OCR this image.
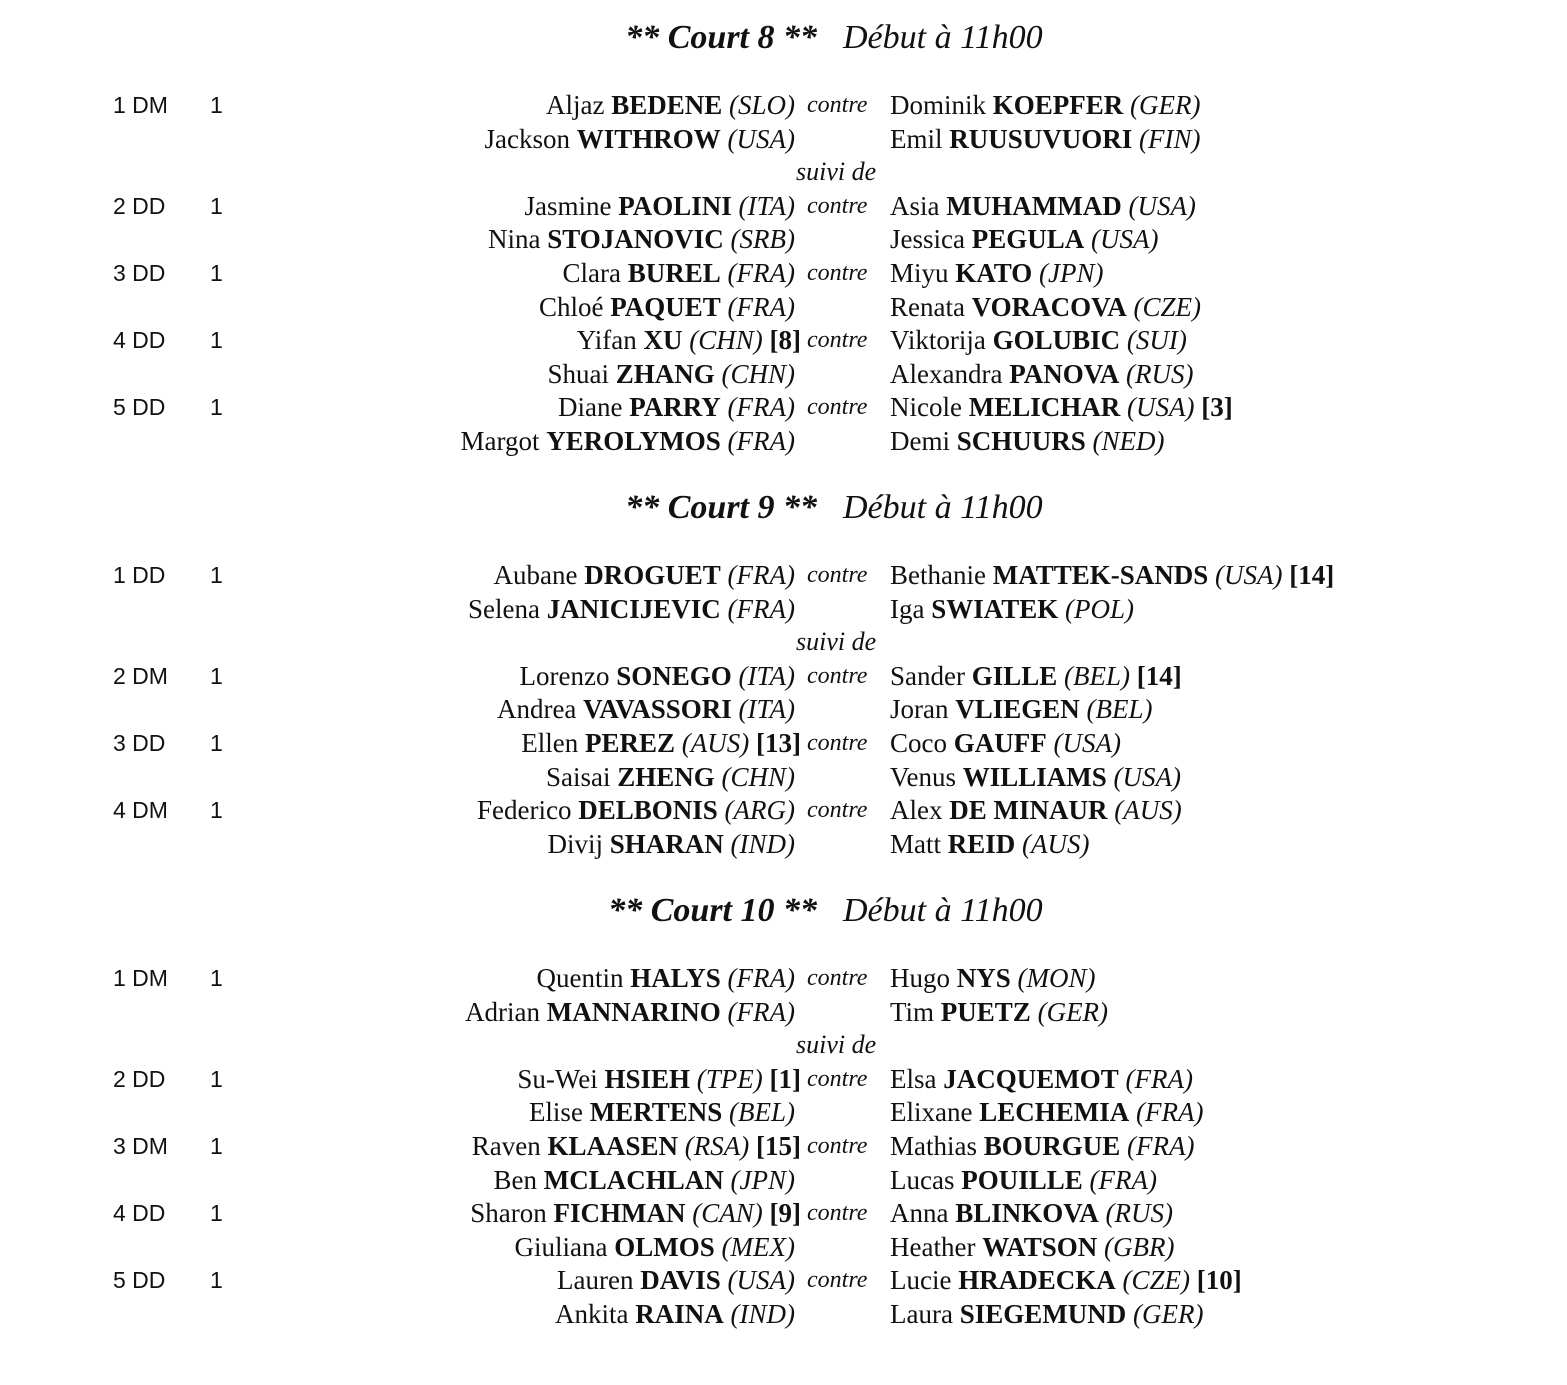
** Court 8 ** Début à 11h00
1 DM 1	Aljaz BEDENE (SLO) contre Dominik KOEPFER (GER)
Jackson WITHROW (USA)	Emil RUUSUVUORI (FIN)
suivi de
2 DD 1	Jasmine PAOLINI (ITA) contre Asia MUHAMMAD (USA)
Nina STOJANOVIC (SRB)	Jessica PEGULA (USA)
3 DD 1	Clara BUREL (FRA) contre Miyu KATO (JPN)
Chloé PAQUET (FRA)	Renata VORACOVA (CZE)
4 DD 1	Yifan XU (CHN) [8] contre Viktorija GOLUBIC (SUI)
Shuai ZHANG (CHN)	Alexandra PANOVA (RUS)
5 DD 1	Diane PARRY (FRA) contre Nicole MELICHAR (USA) [3]
Margot YEROLYMOS (FRA)	Demi SCHUURS (NED)
** Court 9 ** Début à 11h00
1 DD 1	Aubane DROGUET (FRA) contre Bethanie MATTEK-SANDS (USA) [14]
Selena JANICIJEVIC (FRA)	Iga SWIATEK (POL)
suivi de
2 DM 1	Lorenzo SONEGO (ITA) contre Sander GILLE (BEL) [14]
Andrea VAVASSORI (ITA)	Joran VLIEGEN (BEL)
3 DD 1	Ellen PEREZ (AUS) [13] contre Coco GAUFF (USA)
Saisai ZHENG (CHN)	Venus WILLIAMS (USA)
4 DM 1	Federico DELBONIS (ARG) contre Alex DE MINAUR (AUS)
Divij SHARAN (IND)	Matt REID (AUS)
** Court 10 ** Début à 11h00
1 DM 1	Quentin HALYS (FRA) contre Hugo NYS (MON)
Adrian MANNARINO (FRA)	Tim PUETZ (GER)
suivi de
2 DD 1	Su-Wei HSIEH (TPE) [1] contre Elsa JACQUEMOT (FRA)
Elise MERTENS (BEL)	Elixane LECHEMIA (FRA)
3 DM 1	Raven KLAASEN (RSA) [15] contre Mathias BOURGUE (FRA)
Ben MCLACHLAN (JPN)	Lucas POUILLE (FRA)
4 DD 1	Sharon FICHMAN (CAN) [9] contre Anna BLINKOVA (RUS)
Giuliana OLMOS (MEX)	Heather WATSON (GBR)
5 DD 1	Lauren DAVIS (USA) contre Lucie HRADECKA (CZE) [10]
Ankita RAINA (IND)	Laura SIEGEMUND (GER)
